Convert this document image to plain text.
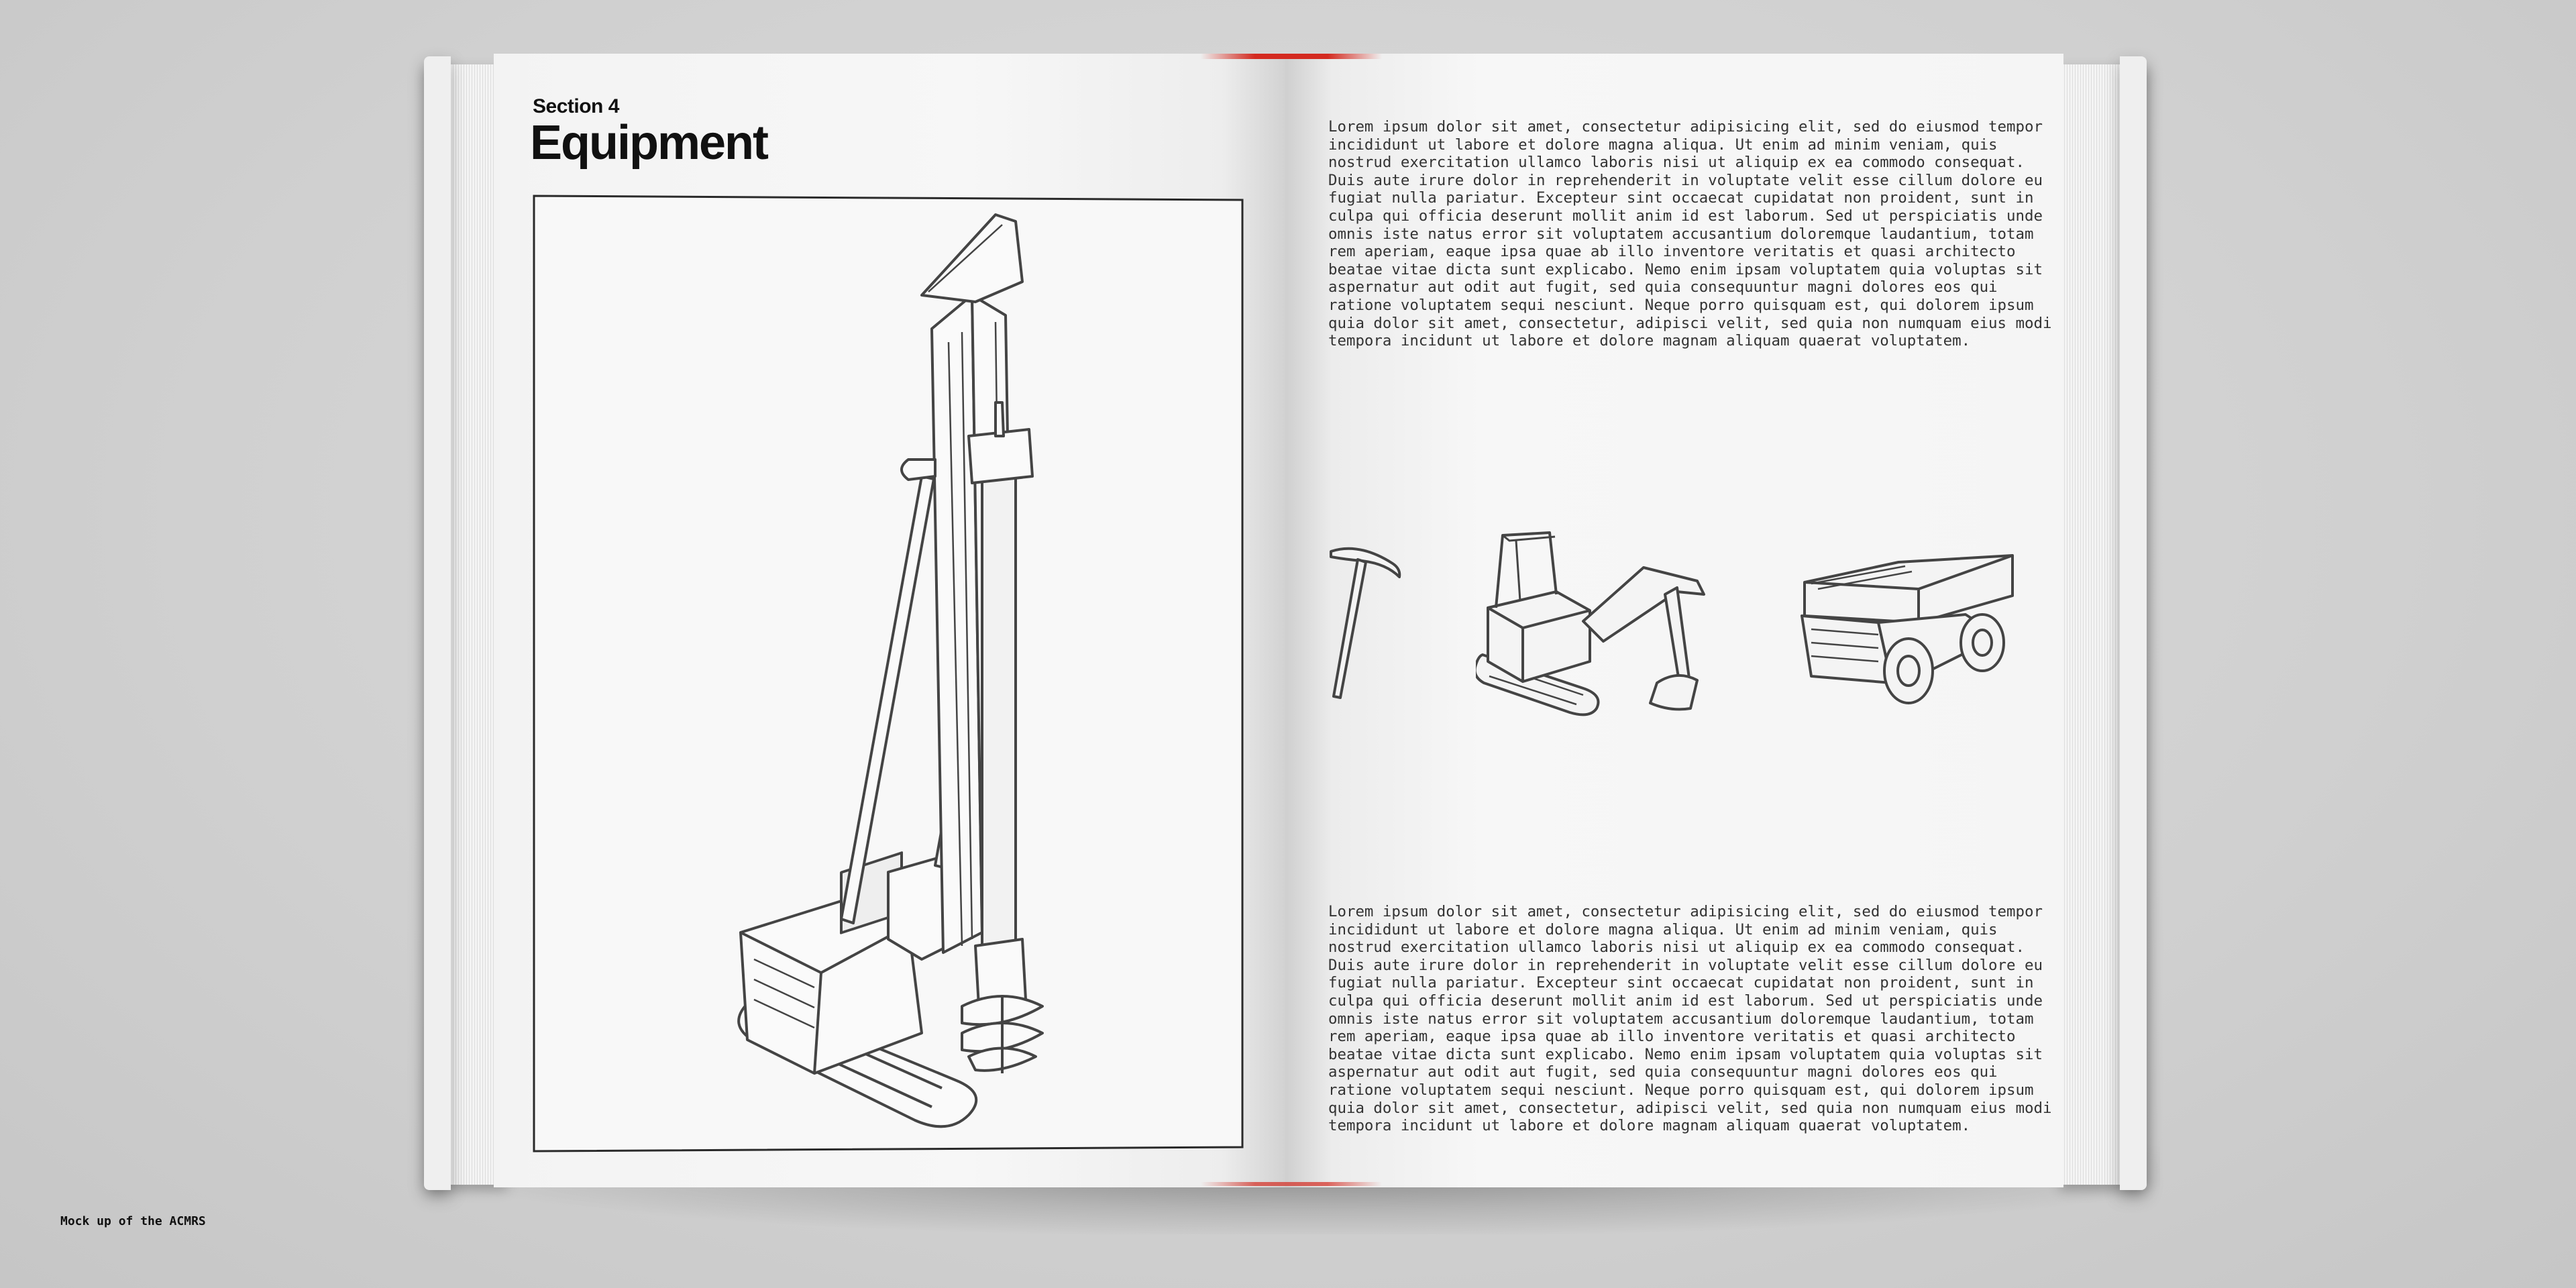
Section 4
Equipment	Lorem ipsum dolor sit amet, consectetur adipisicing elit, sed do eiusmod tempor
incididunt ut labore et dolore magna aliqua. Ut enim ad minim veniam, quis
nostrud exercitation ullamco laboris nisi ut aliquip ex ea commodo consequat.
Duis aute irure dolor in reprehenderit in voluptate velit esse cillum dolore
fugiat nulla pariatur. Excepteur sint occaecat cupidatat non proident, sunt in
culpa qui officia deserunt mollit anim id est laborum. Sed ut perspiciatis unde
omnis iste natus error sit voluptatem accusantium doloremque laudantium, totam
rem aperiam, eaque ipsa quae ab illo inventore veritatis et quasi architecto
beatae vitae dicta sunt explicabo. Nemo enim ipsam voluptatem quia voluptas sit
aspernatur aut odit aut fugit, sed quia consequuntur magni dolores eos qui
ratione voluptatem sequi nesciunt. Neque porro quisquam est, qui dolorem ipsum
quia dolor sit amet, consectetur, adipisci velit, sed quia non numquam eius
tempora incidunt ut labore et dolore magnam aliquam quaerat voluptatem.
Lorem ipsum dolor sit amet, consectetur adipisicing elit, sed do eiusmod tempor
incididunt ut labore et dolore magna aliqua. Ut enim ad minim veniam, quis
nostrud exercitation ullamco laboris nisi ut aliquip ex ea commodo consequat.
Duis aute irure dolor in reprehenderit in voluptate velit esse cillum dolore
fugiat nulla pariatur. Excepteur sint occaecat cupidatat non proident, sunt in
culpa qui officia deserunt mollit anim id est laborum. Sed ut perspiciatis unde
omnis iste natus error sit voluptatem accusantium doloremque laudantium, totam
rem aperiam, eaque ipsa quae ab illo inventore veritatis et quasi architecto
beatae vitae dicta sunt explicabo. Nemo enim ipsam voluptatem quia voluptas sit
aspernatur aut odit aut fugit, sed quia consequuntur magni dolores eos qui
ratione voluptatem sequi nesciunt. Neque porro quisquam est, qui dolorem ipsum
quia dolor sit amet, consectetur, adipisci velit, sed quia non numquam eius
tempora incidunt ut labore et dolore magnam aliquam quaerat voluptatem.
Mock up of the ACMRS
